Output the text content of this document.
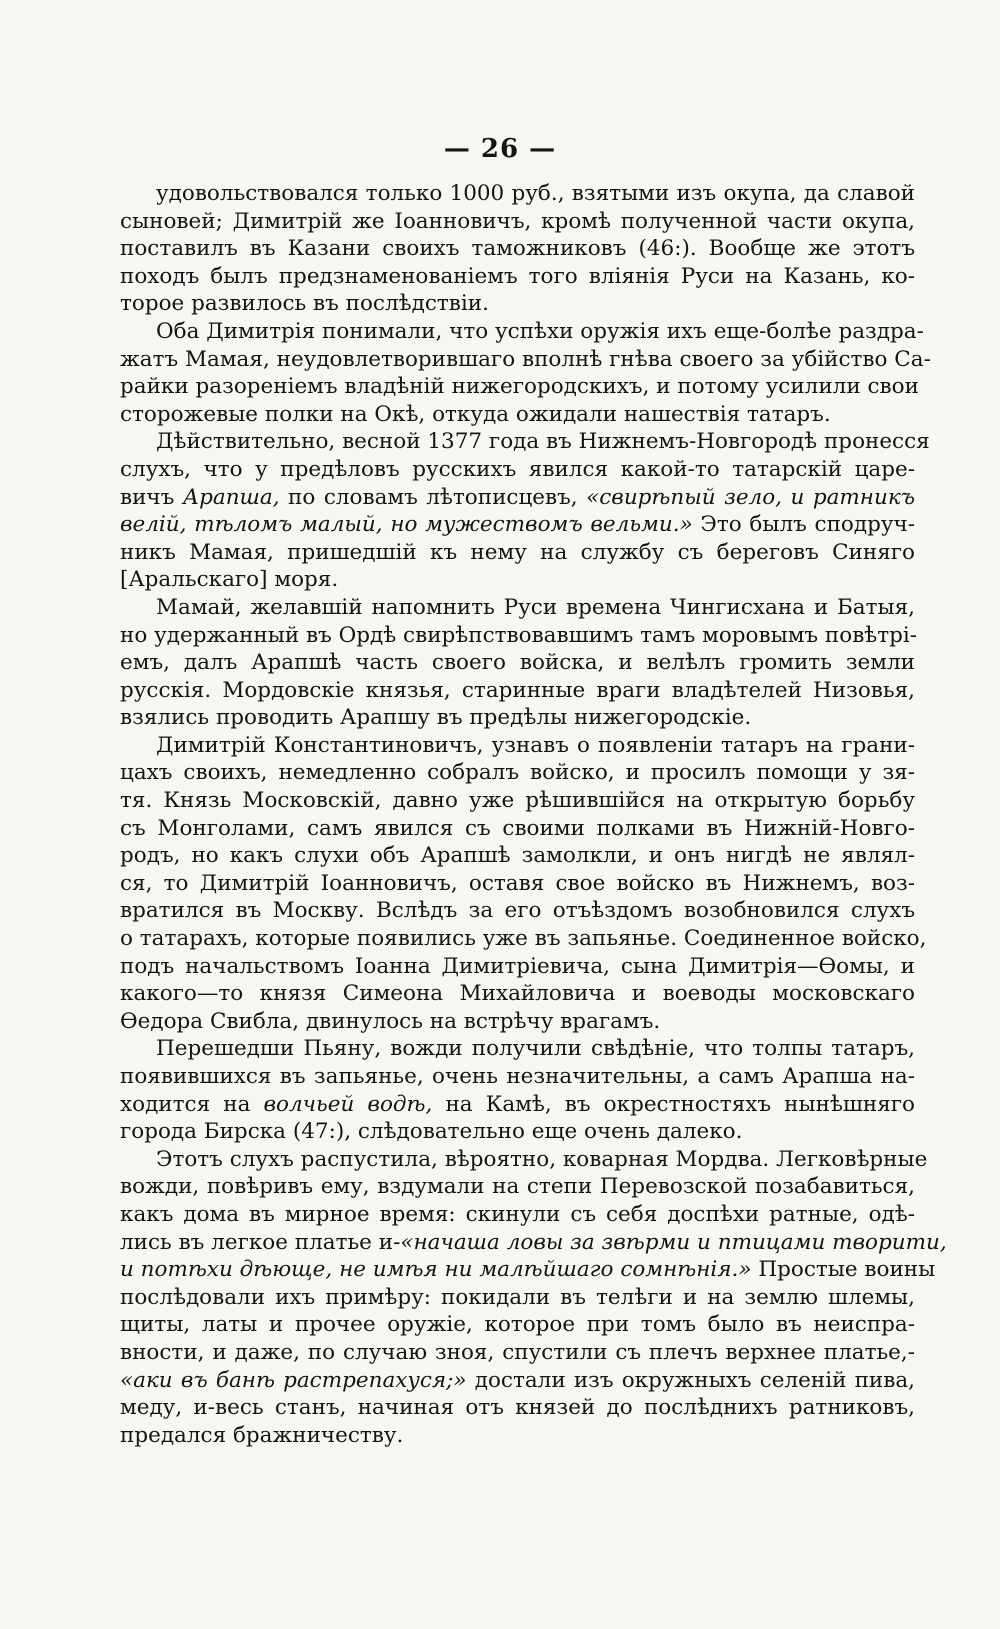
— 26 —
удовольствовался только 1000 руб., взятыми изъ окупа, да славой
сыновей; Димитрій же Іоанновичъ, кромѣ полученной части окупа,
поставилъ въ Казани своихъ таможниковъ (46:). Вообще же этотъ
походъ былъ предзнаменованіемъ того вліянія Руси на Казань, ко-
торое развилось въ послѣдствіи.
Оба Димитрія понимали, что успѣхи оружія ихъ еще-болѣе раздра-
жатъ Мамая, неудовлетворившаго вполнѣ гнѣва своего за убійство Са-
райки разореніемъ владѣній нижегородскихъ, и потому усилили свои
сторожевые полки на Окѣ, откуда ожидали нашествія татаръ.
Дѣйствительно, весной 1377 года въ Нижнемъ-Новгородѣ пронесся
слухъ, что у предѣловъ русскихъ явился какой-то татарскій царе-
вичъ Арапша, по словамъ лѣтописцевъ, «свирѣпый зело, и ратникъ
велій, тѣломъ малый, но мужествомъ вельми.» Это былъ сподруч-
никъ Мамая, пришедшій къ нему на службу съ береговъ Синяго
[Аральскаго] моря.
Мамай, желавшій напомнить Руси времена Чингисхана и Батыя,
но удержанный въ Ордѣ свирѣпствовавшимъ тамъ моровымъ повѣтрі-
емъ, далъ Арапшѣ часть своего войска, и велѣлъ громить земли
русскія. Мордовскіе князья, старинные враги владѣтелей Низовья,
взялись проводить Арапшу въ предѣлы нижегородскіе.
Димитрій Константиновичъ, узнавъ о появленіи татаръ на грани-
цахъ своихъ, немедленно собралъ войско, и просилъ помощи у зя-
тя. Князь Московскій, давно уже рѣшившійся на открытую борьбу
съ Монголами, самъ явился съ своими полками въ Нижній-Новго-
родъ, но какъ слухи объ Арапшѣ замолкли, и онъ нигдѣ не являл-
ся, то Димитрій Іоанновичъ, оставя свое войско въ Нижнемъ, воз-
вратился въ Москву. Вслѣдъ за его отъѣздомъ возобновился слухъ
о татарахъ, которые появились уже въ запьянье. Соединенное войско,
подъ начальствомъ Іоанна Димитріевича, сына Димитрія—Ѳомы, и
какого—то князя Симеона Михайловича и воеводы московскаго
Ѳедора Свибла, двинулось на встрѣчу врагамъ.
Перешедши Пьяну, вожди получили свѣдѣніе, что толпы татаръ,
появившихся въ запьянье, очень незначительны, а самъ Арапша на-
ходится на волчьей водѣ, на Камѣ, въ окрестностяхъ нынѣшняго
города Бирска (47:), слѣдовательно еще очень далеко.
Этотъ слухъ распустила, вѣроятно, коварная Мордва. Легковѣрные
вожди, повѣривъ ему, вздумали на степи Перевозской позабавиться,
какъ дома въ мирное время: скинули съ себя доспѣхи ратные, одѣ-
лись въ легкое платье и-«начаша ловы за звѣрми и птицами творити,
и потѣхи дѣюще, не имѣя ни малѣйшаго сомнѣнія.» Простые воины
послѣдовали ихъ примѣру: покидали въ телѣги и на землю шлемы,
щиты, латы и прочее оружіе, которое при томъ было въ неиспра-
вности, и даже, по случаю зноя, спустили съ плечъ верхнее платье,-
«аки въ банѣ растрепахуся;» достали изъ окружныхъ селеній пива,
меду, и-весь станъ, начиная отъ князей до послѣднихъ ратниковъ,
предался бражничеству.
